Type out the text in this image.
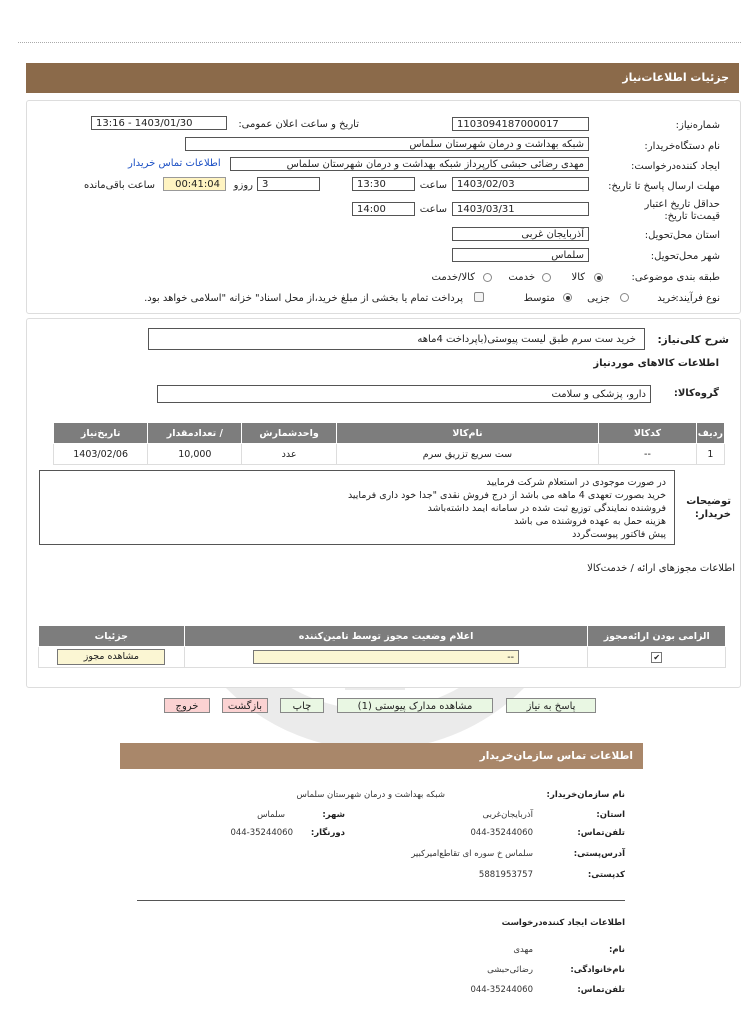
جزئیات اطلاعات‌نیاز
شماره‌نیاز:
1103094187000017
تاریخ و ساعت اعلان عمومی:
1403/01/30 - 13:16
نام دستگاه‌خریدار:
شبکه بهداشت و درمان شهرستان سلماس
ایجاد کننده‌درخواست:
مهدی رضائی حبشی کارپرداز شبکه بهداشت و درمان شهرستان سلماس
اطلاعات تماس خریدار
مهلت ارسال پاسخ تا تاریخ:
1403/02/03
ساعت
13:30
3
روزو
00:41:04
ساعت باقی‌مانده
حداقل تاریخ اعتبار قیمت‌تا تاریخ:
1403/03/31
ساعت
14:00
استان محل‌تحویل:
آذربایجان غربی
شهر محل‌تحویل:
سلماس
طبقه بندی موضوعی:
کالا
خدمت
کالا/خدمت
نوع فرآیند:
خرید
جزیی
متوسط
پرداخت تمام یا بخشی از مبلغ خرید،از محل اسناد" خزانه "اسلامی خواهد بود.
شرح کلی‌نیاز:
خرید ست سرم طبق لیست پیوستی(باپرداخت 4ماهه
اطلاعات کالاهای موردنیاز
گروه‌کالا:
دارو، پزشکی و سلامت
ردیف	کدکالا	نام‌کالا	واحدشمارش	/ تعدادمقدار	تاریخ‌نیاز
1	--	ست سریع تزریق سرم	عدد	10,000	1403/02/06
توضیحات خریدار:
در صورت موجودی در استعلام شرکت فرمایید
خرید بصورت تعهدی 4 ماهه می باشد از درج فروش نقدی "جدا خود داری فرمایید
فروشنده نمایندگی توزیع ثبت شده در سامانه ایمد داشته‌باشد
هزینه حمل به عهده فروشنده می باشد
پیش فاکتور پیوست‌گردد
اطلاعات مجوزهای ارائه / خدمت‌کالا
الزامی بودن ارائه‌مجوز	اعلام وضعیت مجوز توسط تامین‌کننده	جزئیات
✔	--	مشاهده مجوز
پاسخ به نیاز
مشاهده مدارک پیوستی (1)
چاپ
بازگشت
خروج
اطلاعات تماس سازمان‌خریدار
نام سازمان‌خریدار:
شبکه بهداشت و درمان شهرستان سلماس
استان:
آذربایجان‌غربی
شهر:
سلماس
تلفن‌تماس:
044-35244060
دورنگار:
044-35244060
آدرس‌پستی:
سلماس خ سوره ای تقاطع‌امیرکبیر
کدپستی:
5881953757
اطلاعات ایجاد کننده‌درخواست
نام:
مهدی
نام‌خانوادگی:
رضائی‌حبشی
تلفن‌تماس:
044-35244060
